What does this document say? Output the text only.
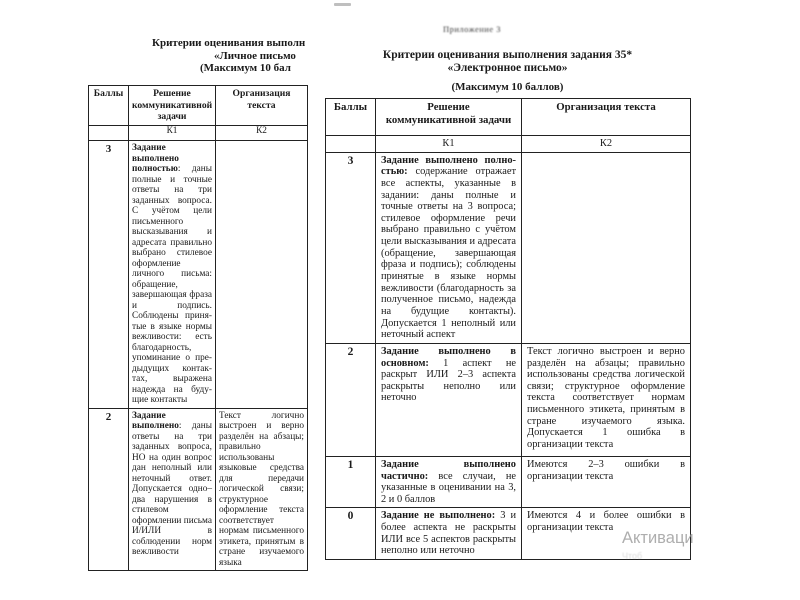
Критерии оценивания выполн
«Личное письмо
(Максимум 10 бал
Баллы	Решение коммуникативной задачи	Организация текста
	К1	К2
3	Задание выполнено полностью: даны полные и точные ответы на три заданных вопроса. С учётом цели письменного высказывания и адресата правильно выбрано стилевое оформление личного письма: обращение, завершающая фраза и подпись. Соблюдены приня-тые в языке нормы вежливости: есть благодарность, упоминание о пре-дыдущих контак-тах, выражена надежда на буду-щие контакты	
2	Задание выполнено: даны ответы на три заданных вопроса, НО на один вопрос дан неполный или неточный ответ. Допускается одно–два нарушения в стилевом оформлении письма И/ИЛИ в соблюдении норм вежливости	Текст логично выстроен и верно разделён на абзацы; правильно использованы языковые средства для передачи логической связи; структурное оформление текста соответствует нормам письменного этикета, принятым в стране изучаемого языка
Приложение 3
Критерии оценивания выполнения задания 35*
«Электронное письмо»
(Максимум 10 баллов)
Баллы	Решение коммуникативной задачи	Организация текста
	К1	К2
3	Задание выполнено полно-стью: содержание отражает все аспекты, указанные в задании: даны полные и точные ответы на 3 вопроса; стилевое оформление речи выбрано правильно с учётом цели высказывания и адресата (обращение, завершающая фраза и подпись); соблюдены принятые в языке нормы вежливости (благодарность за полученное письмо, надежда на будущие контакты). Допускается 1 неполный или неточный аспект	
2	Задание выполнено в основном: 1 аспект не раскрыт ИЛИ 2–3 аспекта раскрыты неполно или неточно	Текст логично выстроен и верно разделён на абзацы; правильно использованы средства логической связи; структурное оформление текста соответствует нормам письменного этикета, принятым в стране изучаемого языка. Допускается 1 ошибка в организации текста
1	Задание выполнено частично: все случаи, не указанные в оценивании на 3, 2 и 0 баллов	Имеются 2–3 ошибки в организации текста
0	Задание не выполнено: 3 и более аспекта не раскрыты ИЛИ все 5 аспектов раскрыты неполно или неточно	Имеются 4 и более ошибки в организации текста
Активаци
Чтоб
